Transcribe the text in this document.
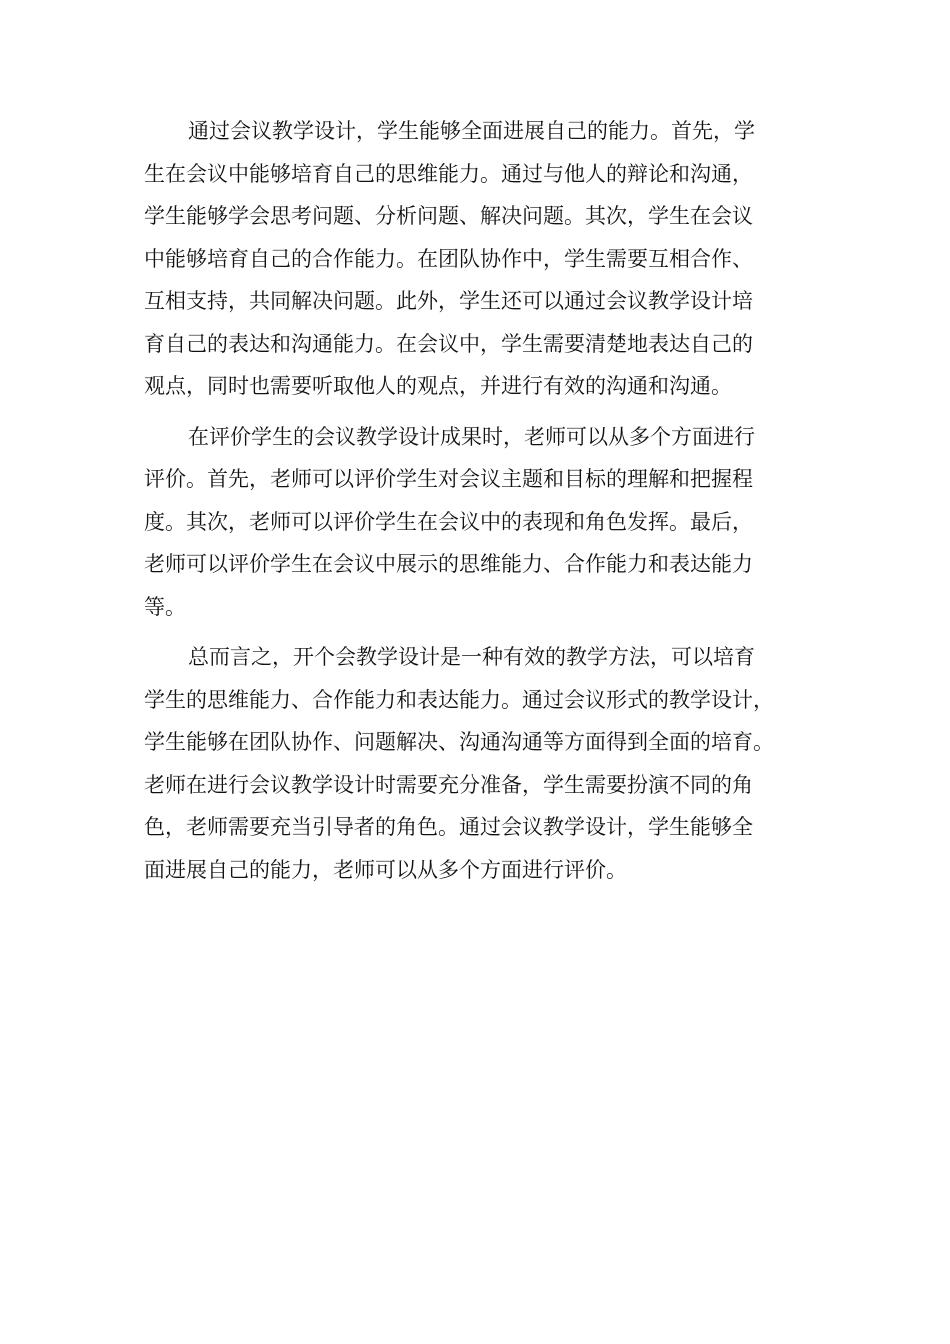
通过会议教学设计，学生能够全面进展自己的能力。首先，学
生在会议中能够培育自己的思维能力。通过与他人的辩论和沟通，
学生能够学会思考问题、分析问题、解决问题。其次，学生在会议
中能够培育自己的合作能力。在团队协作中，学生需要互相合作、
互相支持，共同解决问题。此外，学生还可以通过会议教学设计培
育自己的表达和沟通能力。在会议中，学生需要清楚地表达自己的
观点，同时也需要听取他人的观点，并进行有效的沟通和沟通。
在评价学生的会议教学设计成果时，老师可以从多个方面进行
评价。首先，老师可以评价学生对会议主题和目标的理解和把握程
度。其次，老师可以评价学生在会议中的表现和角色发挥。最后，
老师可以评价学生在会议中展示的思维能力、合作能力和表达能力
等。
总而言之，开个会教学设计是一种有效的教学方法，可以培育
学生的思维能力、合作能力和表达能力。通过会议形式的教学设计，
学生能够在团队协作、问题解决、沟通沟通等方面得到全面的培育。
老师在进行会议教学设计时需要充分准备，学生需要扮演不同的角
色，老师需要充当引导者的角色。通过会议教学设计，学生能够全
面进展自己的能力，老师可以从多个方面进行评价。
